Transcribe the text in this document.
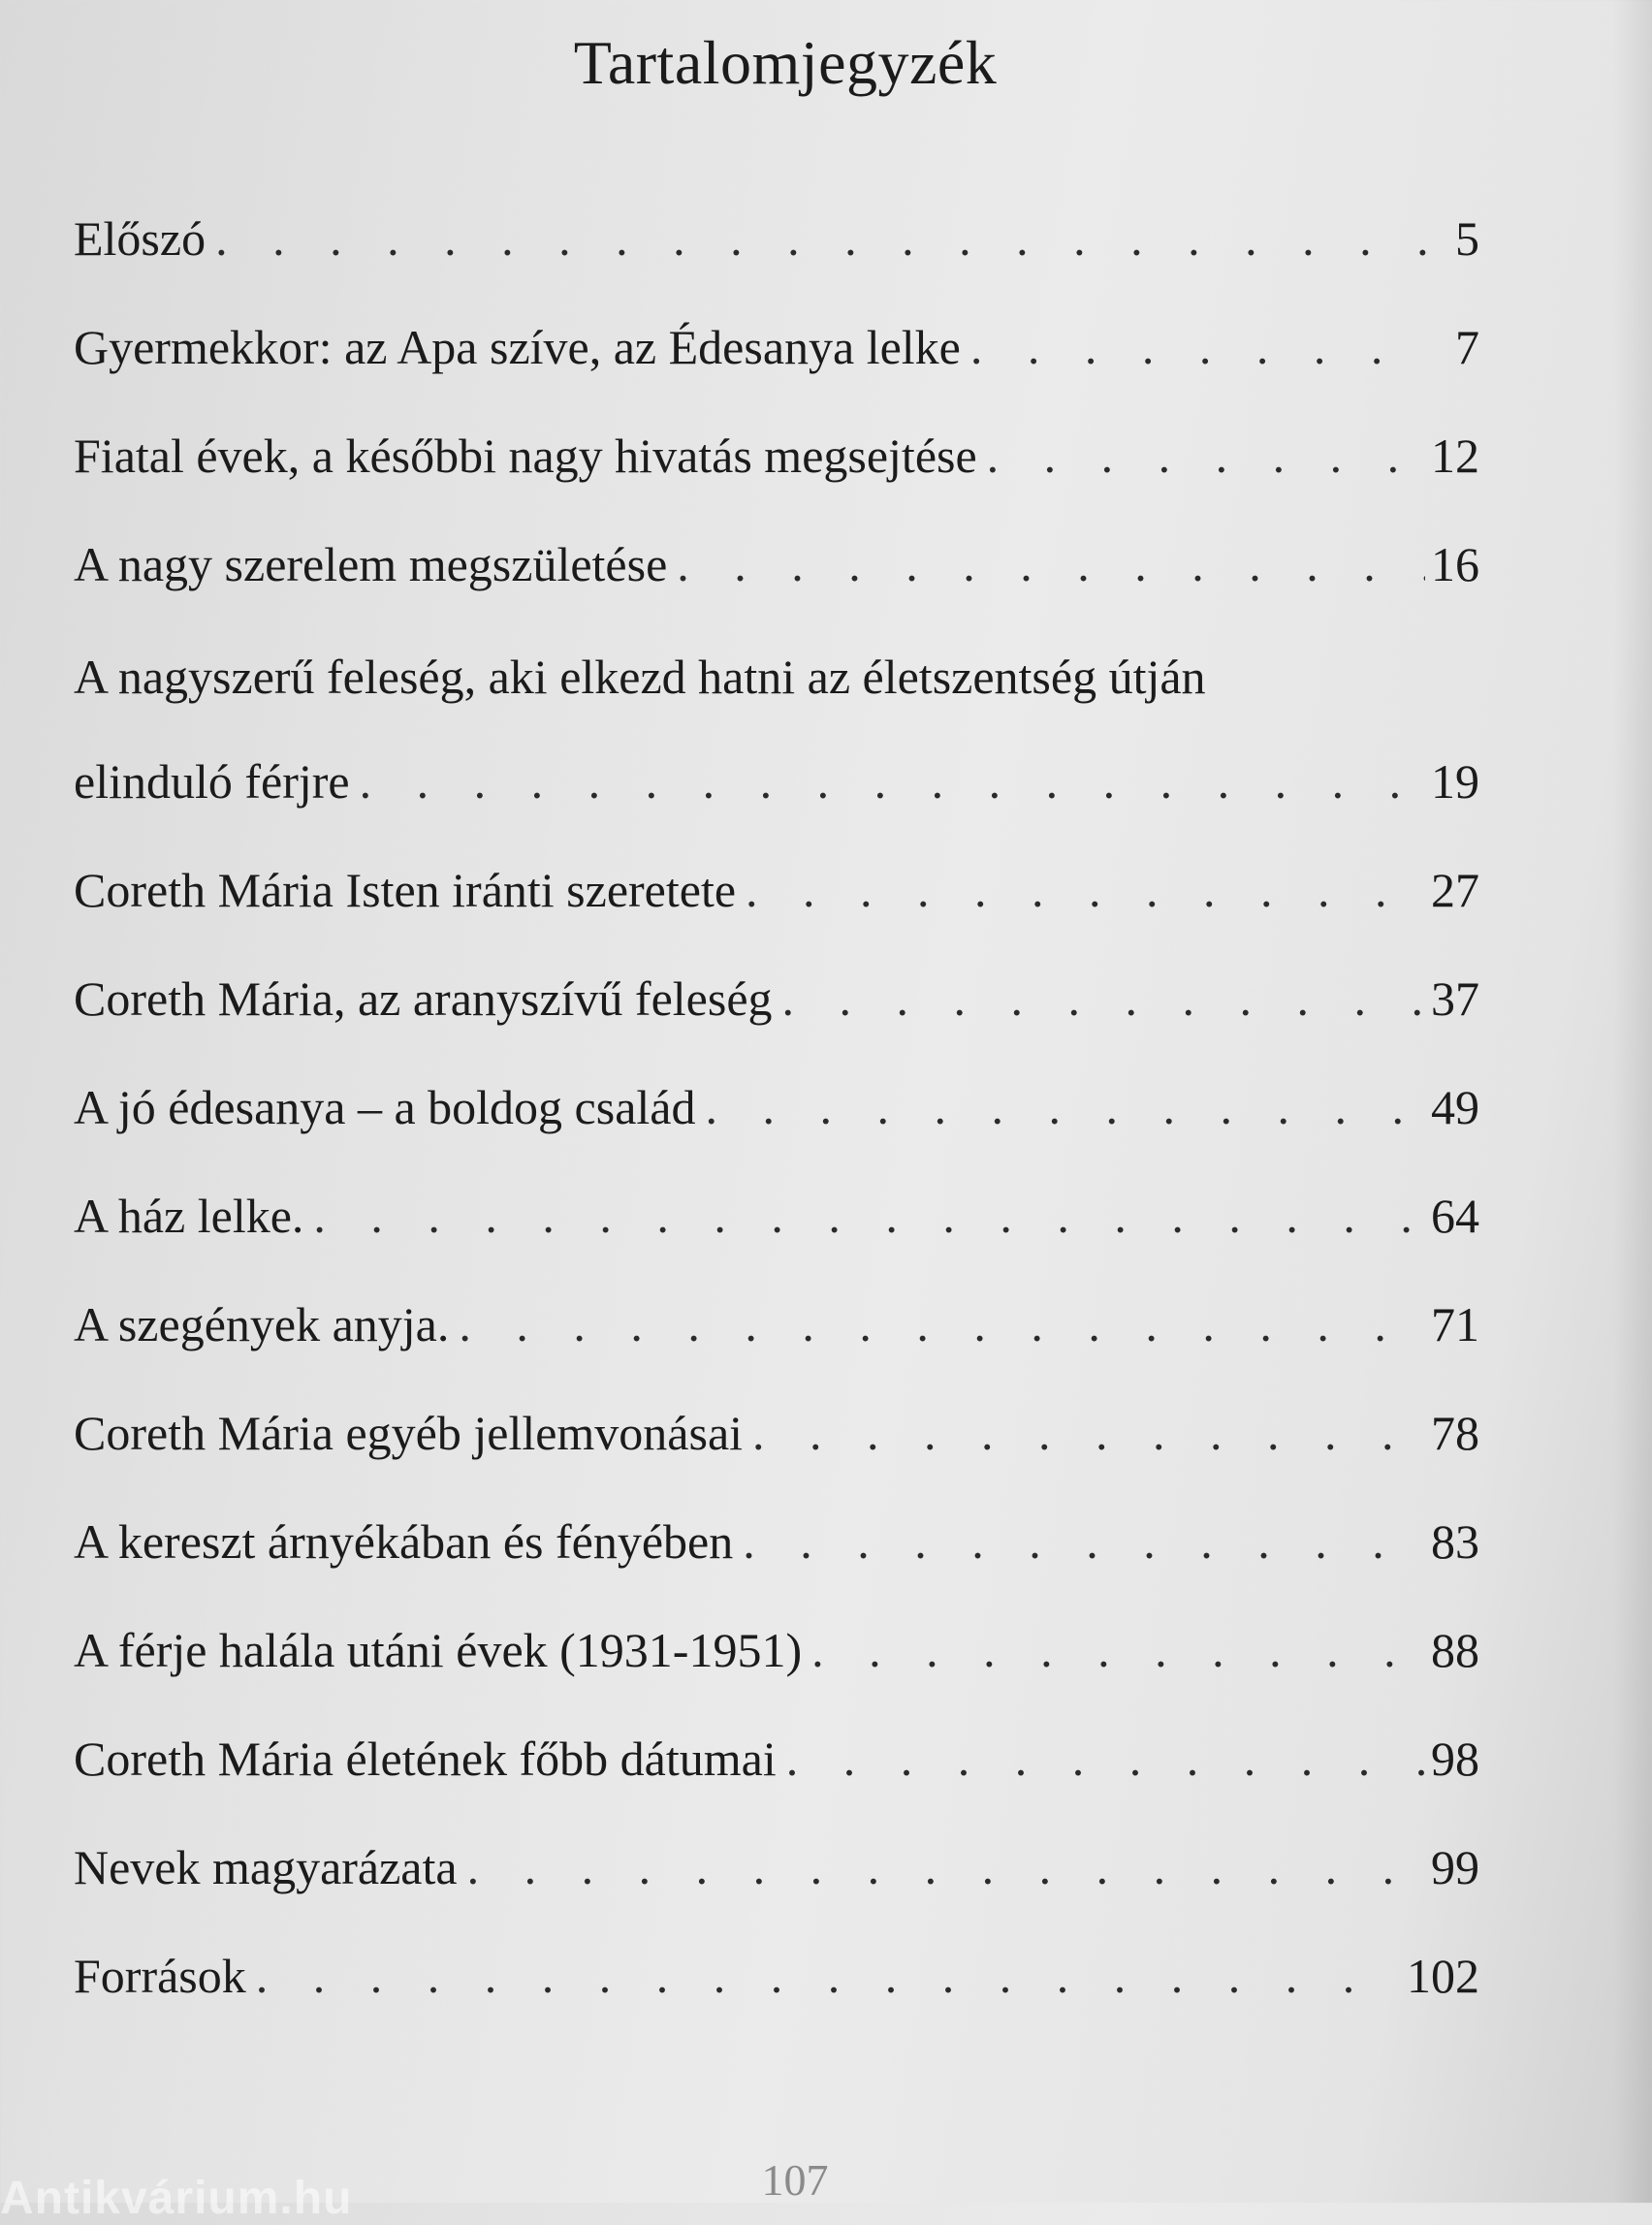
Tartalomjegyzék
Előszó . . .	5
Gyermekkor: az Apa szíve, az Édesanya lelke . . .	7
Fiatal évek, a későbbi nagy hivatás megsejtése . . .	12
A nagy szerelem megszületése . . .	16
A nagyszerű feleség, aki elkezd hatni az életszentség útján
elinduló férjre . . .	19
Coreth Mária Isten iránti szeretete . . .	27
Coreth Mária, az aranyszívű feleség . . .	37
A jó édesanya – a boldog család . . .	49
A ház lelke. . . .	64
A szegények anyja. . . .	71
Coreth Mária egyéb jellemvonásai . . .	78
A kereszt árnyékában és fényében . . .	83
A férje halála utáni évek (1931-1951) . . .	88
Coreth Mária életének főbb dátumai . . .	98
Nevek magyarázata . . .	99
Források . . .	102
107
Antikvárium.hu
